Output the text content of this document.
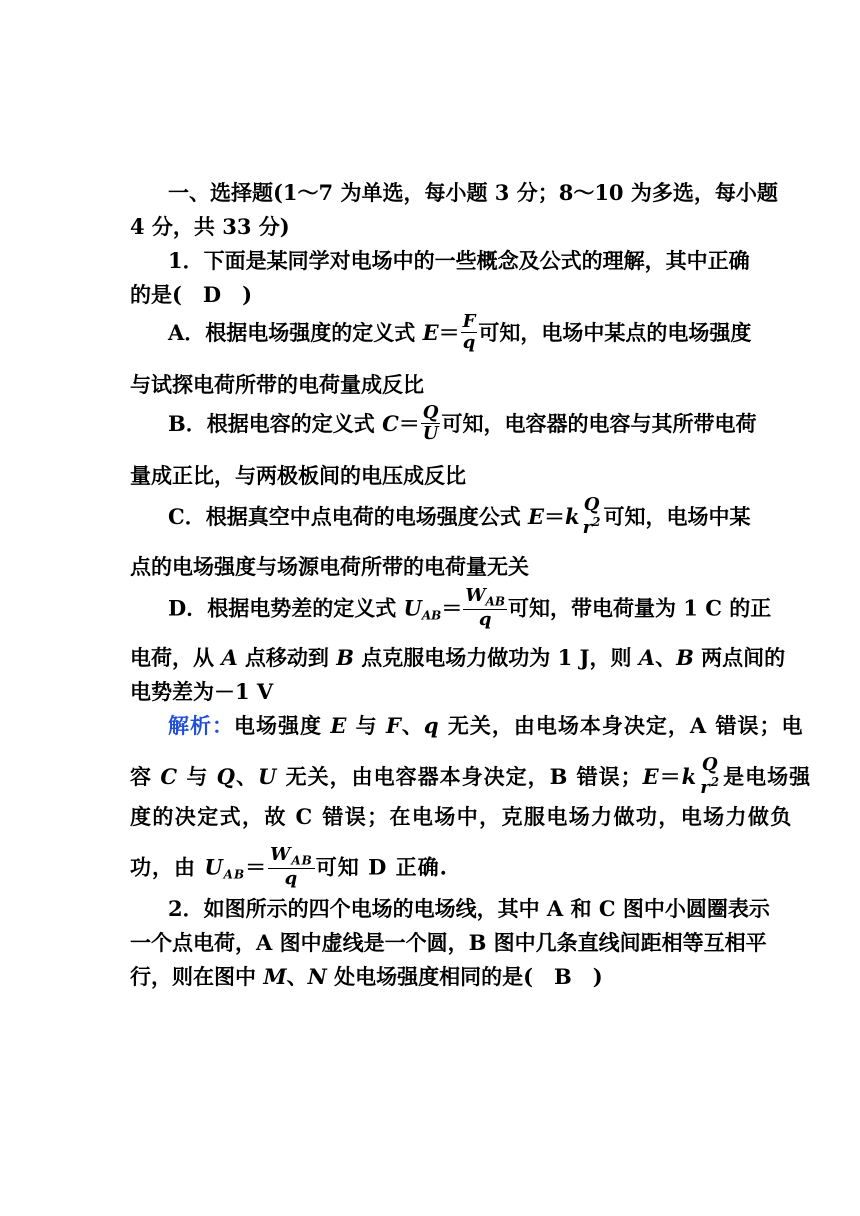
一、选择题(1～7 为单选，每小题 3 分；8～10 为多选，每小题
4 分，共 33 分)
1．下面是某同学对电场中的一些概念及公式的理解，其中正确
的是(　D　)
A．根据电场强度的定义式 $E= \frac{F}{q}$ 可知，电场中某点的电场强度
与试探电荷所带的电荷量成反比
B．根据电容的定义式 $C= \frac{Q}{U}$ 可知，电容器的电容与其所带电荷
量成正比，与两极板间的电压成反比
C．根据真空中点电荷的电场强度公式 E＝k Q
$r^2$ 可知，电场中某
点的电场强度与场源电荷所带的电荷量无关
D．根据电势差的定义式 $U_{AB}= \frac{W_{AB}}{q}$ 可知，带电荷量为 1 C 的正
电荷，从 A 点移动到 B 点克服电场力做功为 1 J，则 A、B 两点间的
电势差为－1 V
解析：电场强度 E 与 F、q 无关，由电场本身决定，A 错误；电
容 C 与 Q、U 无关，由电容器本身决定，B 错误；E＝k Q
$r^2$ 是电场强
度的决定式，故 C 错误；在电场中，克服电场力做功，电场力做负
功，由 $U_{AB}= \frac{W_{AB}}{q}$ 可知 D 正确.
2．如图所示的四个电场的电场线，其中 A 和 C 图中小圆圈表示
一个点电荷，A 图中虚线是一个圆，B 图中几条直线间距相等互相平
行，则在图中 M、N 处电场强度相同的是(　B　)
